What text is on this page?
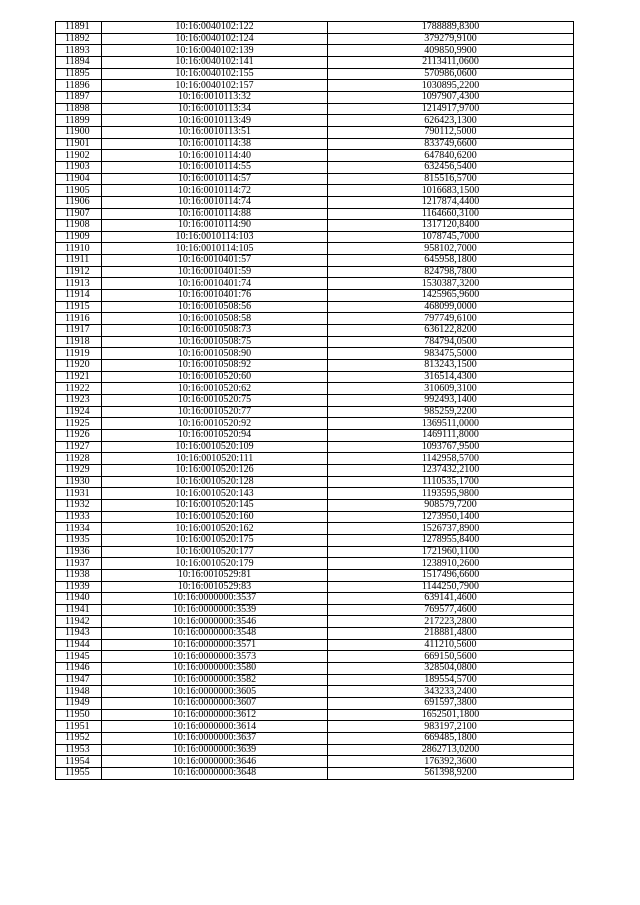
11891	10:16:0040102:122	1788889,8300
11892	10:16:0040102:124	379279,9100
11893	10:16:0040102:139	409850,9900
11894	10:16:0040102:141	2113411,0600
11895	10:16:0040102:155	570986,0600
11896	10:16:0040102:157	1030895,2200
11897	10:16:0010113:32	1097907,4300
11898	10:16:0010113:34	1214917,9700
11899	10:16:0010113:49	626423,1300
11900	10:16:0010113:51	790112,5000
11901	10:16:0010114:38	833749,6600
11902	10:16:0010114:40	647840,6200
11903	10:16:0010114:55	632456,5400
11904	10:16:0010114:57	815516,5700
11905	10:16:0010114:72	1016683,1500
11906	10:16:0010114:74	1217874,4400
11907	10:16:0010114:88	1164660,3100
11908	10:16:0010114:90	1317120,8400
11909	10:16:0010114:103	1078745,7000
11910	10:16:0010114:105	958102,7000
11911	10:16:0010401:57	645958,1800
11912	10:16:0010401:59	824798,7800
11913	10:16:0010401:74	1530387,3200
11914	10:16:0010401:76	1425965,9600
11915	10:16:0010508:56	468099,0000
11916	10:16:0010508:58	797749,6100
11917	10:16:0010508:73	636122,8200
11918	10:16:0010508:75	784794,0500
11919	10:16:0010508:90	983475,5000
11920	10:16:0010508:92	813243,1500
11921	10:16:0010520:60	316514,4300
11922	10:16:0010520:62	310609,3100
11923	10:16:0010520:75	992493,1400
11924	10:16:0010520:77	985259,2200
11925	10:16:0010520:92	1369511,0000
11926	10:16:0010520:94	1469111,8000
11927	10:16:0010520:109	1093767,9500
11928	10:16:0010520:111	1142958,5700
11929	10:16:0010520:126	1237432,2100
11930	10:16:0010520:128	1110535,1700
11931	10:16:0010520:143	1193595,9800
11932	10:16:0010520:145	908579,7200
11933	10:16:0010520:160	1273950,1400
11934	10:16:0010520:162	1526737,8900
11935	10:16:0010520:175	1278955,8400
11936	10:16:0010520:177	1721960,1100
11937	10:16:0010520:179	1238910,2600
11938	10:16:0010529:81	1517496,6600
11939	10:16:0010529:83	1144250,7900
11940	10:16:0000000:3537	639141,4600
11941	10:16:0000000:3539	769577,4600
11942	10:16:0000000:3546	217223,2800
11943	10:16:0000000:3548	218881,4800
11944	10:16:0000000:3571	411210,5600
11945	10:16:0000000:3573	669150,5600
11946	10:16:0000000:3580	328504,0800
11947	10:16:0000000:3582	189554,5700
11948	10:16:0000000:3605	343233,2400
11949	10:16:0000000:3607	691597,3800
11950	10:16:0000000:3612	1652501,1800
11951	10:16:0000000:3614	983197,2100
11952	10:16:0000000:3637	669485,1800
11953	10:16:0000000:3639	2862713,0200
11954	10:16:0000000:3646	176392,3600
11955	10:16:0000000:3648	561398,9200
